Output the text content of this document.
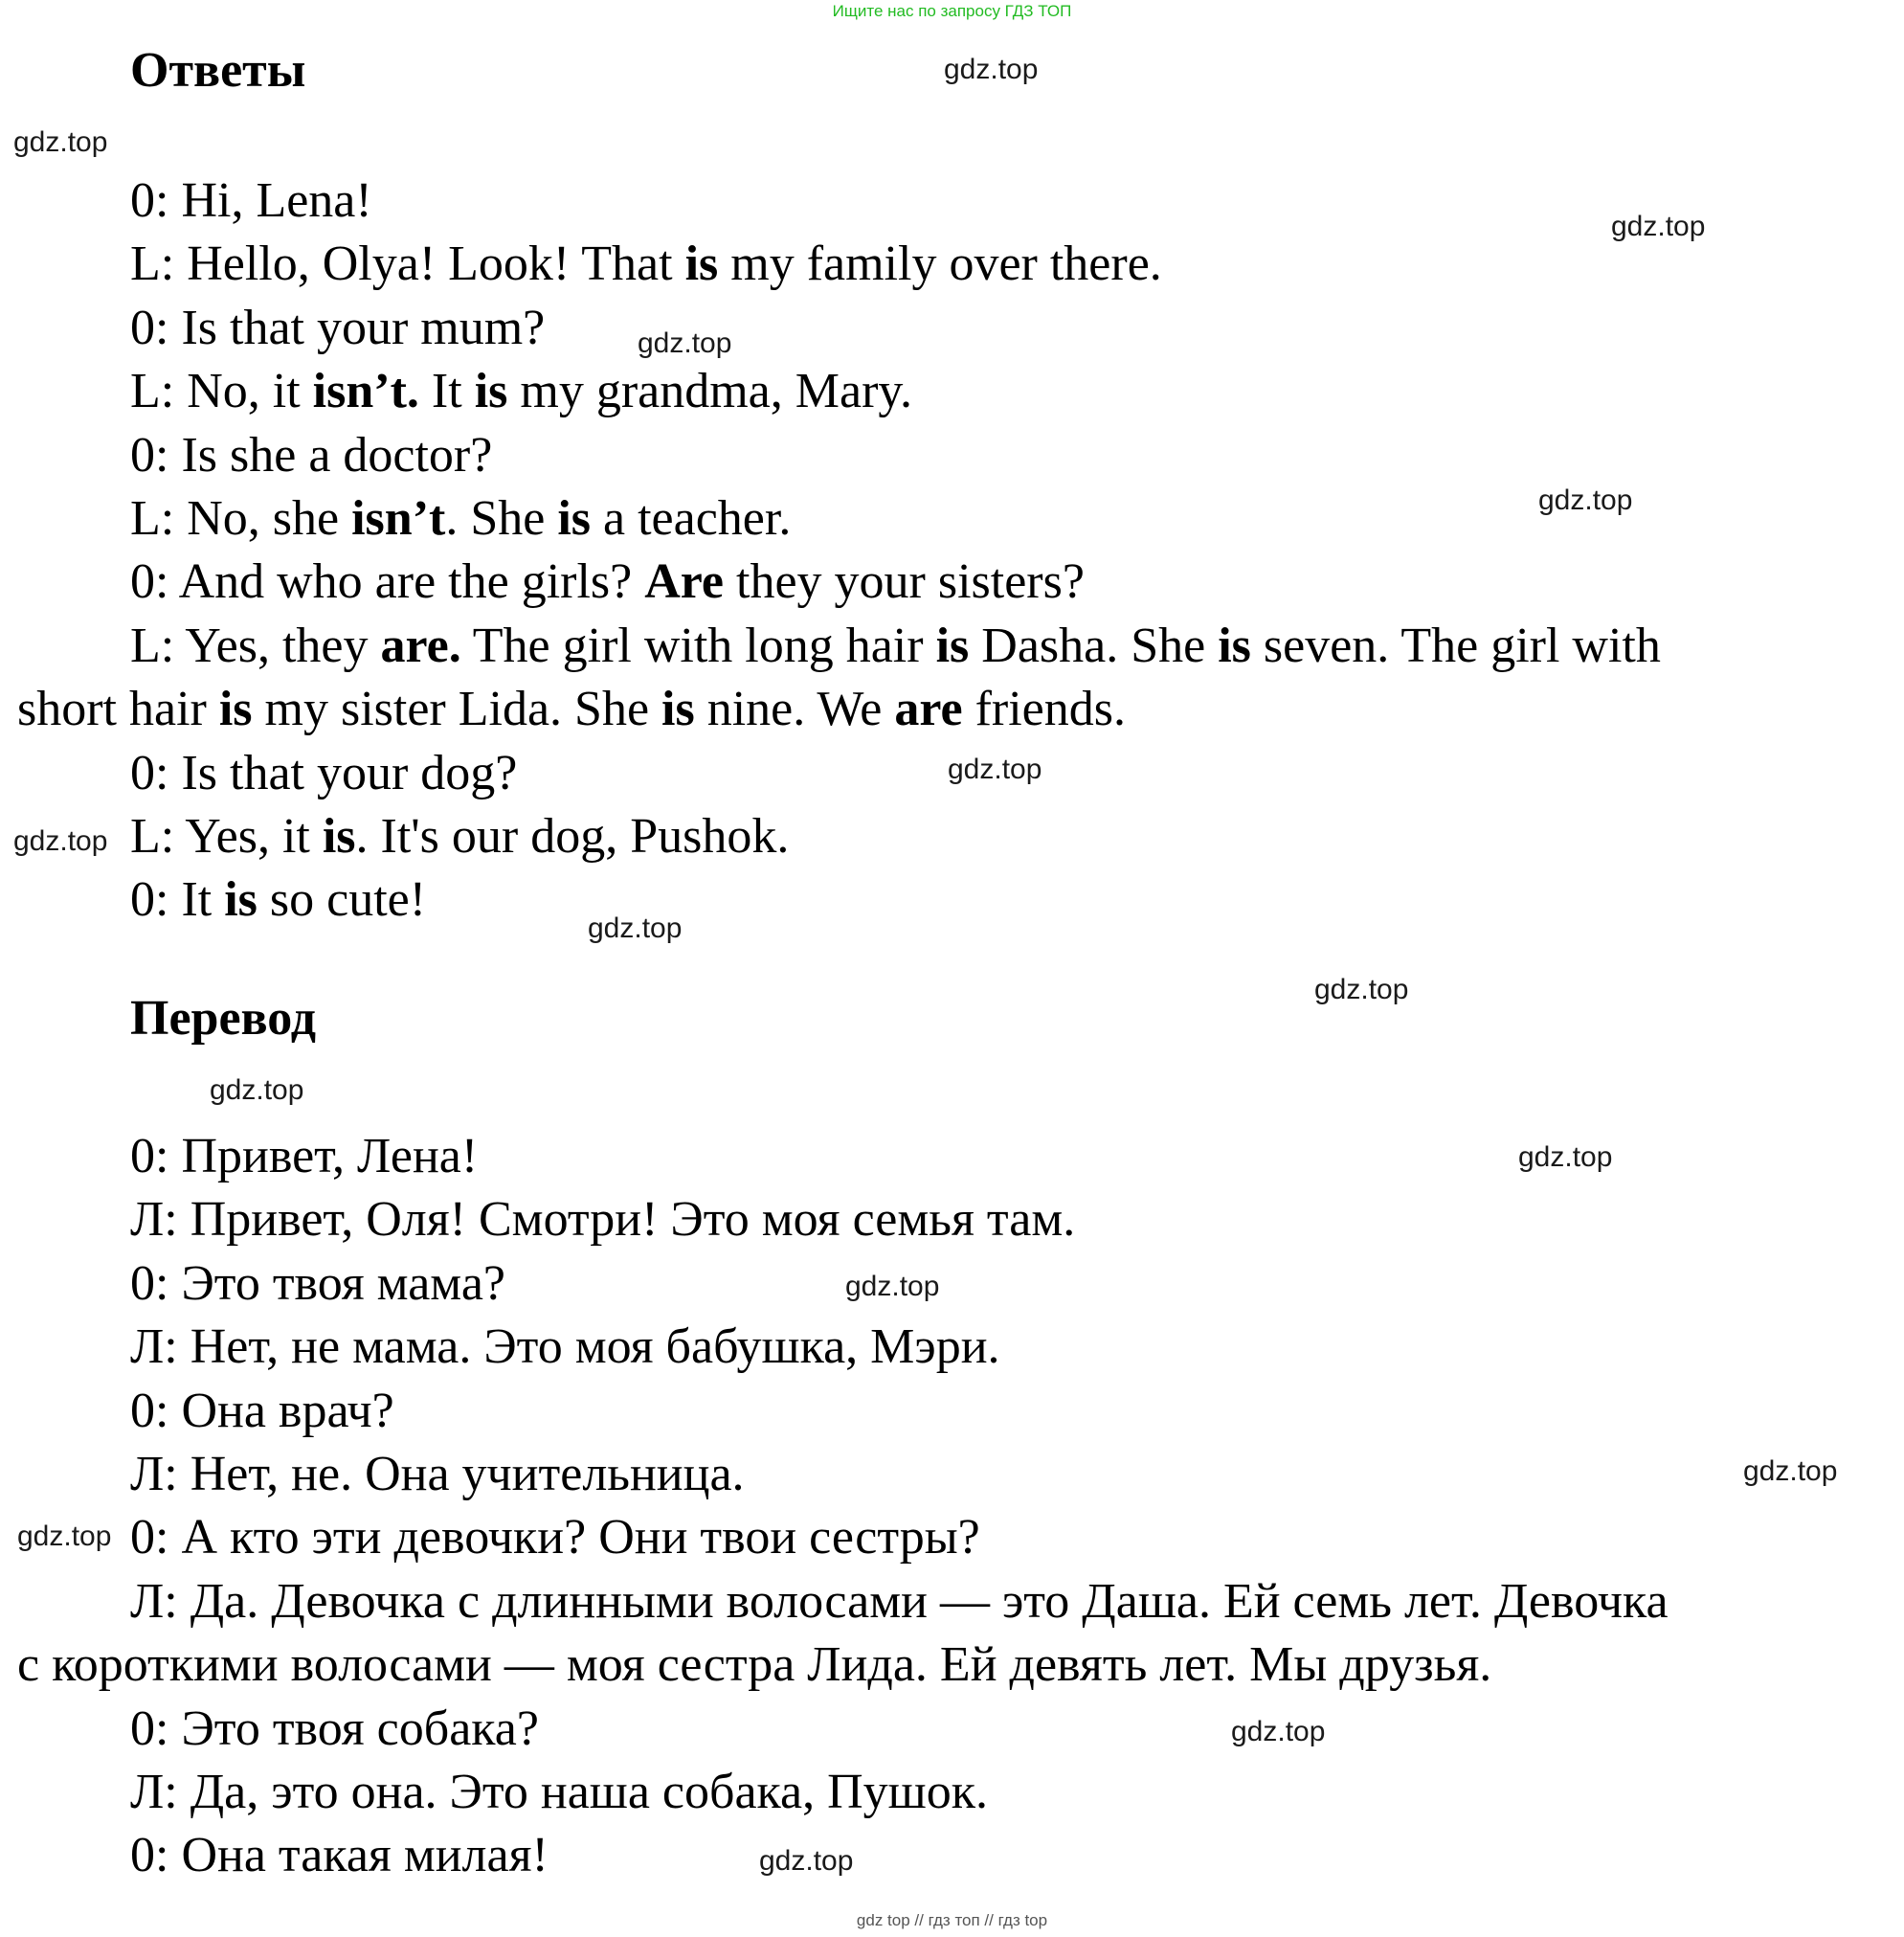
Ищите нас по запросу ГДЗ ТОП
Ответы
0: Hi, Lena!
L: Hello, Olya! Look! That is my family over there.
0: Is that your mum?
L: No, it isn’t. It is my grandma, Mary.
0: Is she a doctor?
L: No, she isn’t. She is a teacher.
0: And who are the girls? Are they your sisters?
L: Yes, they are. The girl with long hair is Dasha. She is seven. The girl with
short hair is my sister Lida. She is nine. We are friends.
0: Is that your dog?
L: Yes, it is. It's our dog, Pushok.
0: It is so cute!
Перевод
0: Привет, Лена!
Л: Привет, Оля! Смотри! Это моя семья там.
0: Это твоя мама?
Л: Нет, не мама. Это моя бабушка, Мэри.
0: Она врач?
Л: Нет, не. Она учительница.
0: А кто эти девочки? Они твои сестры?
Л: Да. Девочка с длинными волосами — это Даша. Ей семь лет. Девочка
с короткими волосами — моя сестра Лида. Ей девять лет. Мы друзья.
0: Это твоя собака?
Л: Да, это она. Это наша собака, Пушок.
0: Она такая милая!
gdz.top
gdz.top
gdz.top
gdz.top
gdz.top
gdz.top
gdz.top
gdz.top
gdz.top
gdz.top
gdz.top
gdz.top
gdz.top
gdz.top
gdz.top
gdz.top
gdz top // гдз топ // гдз top
